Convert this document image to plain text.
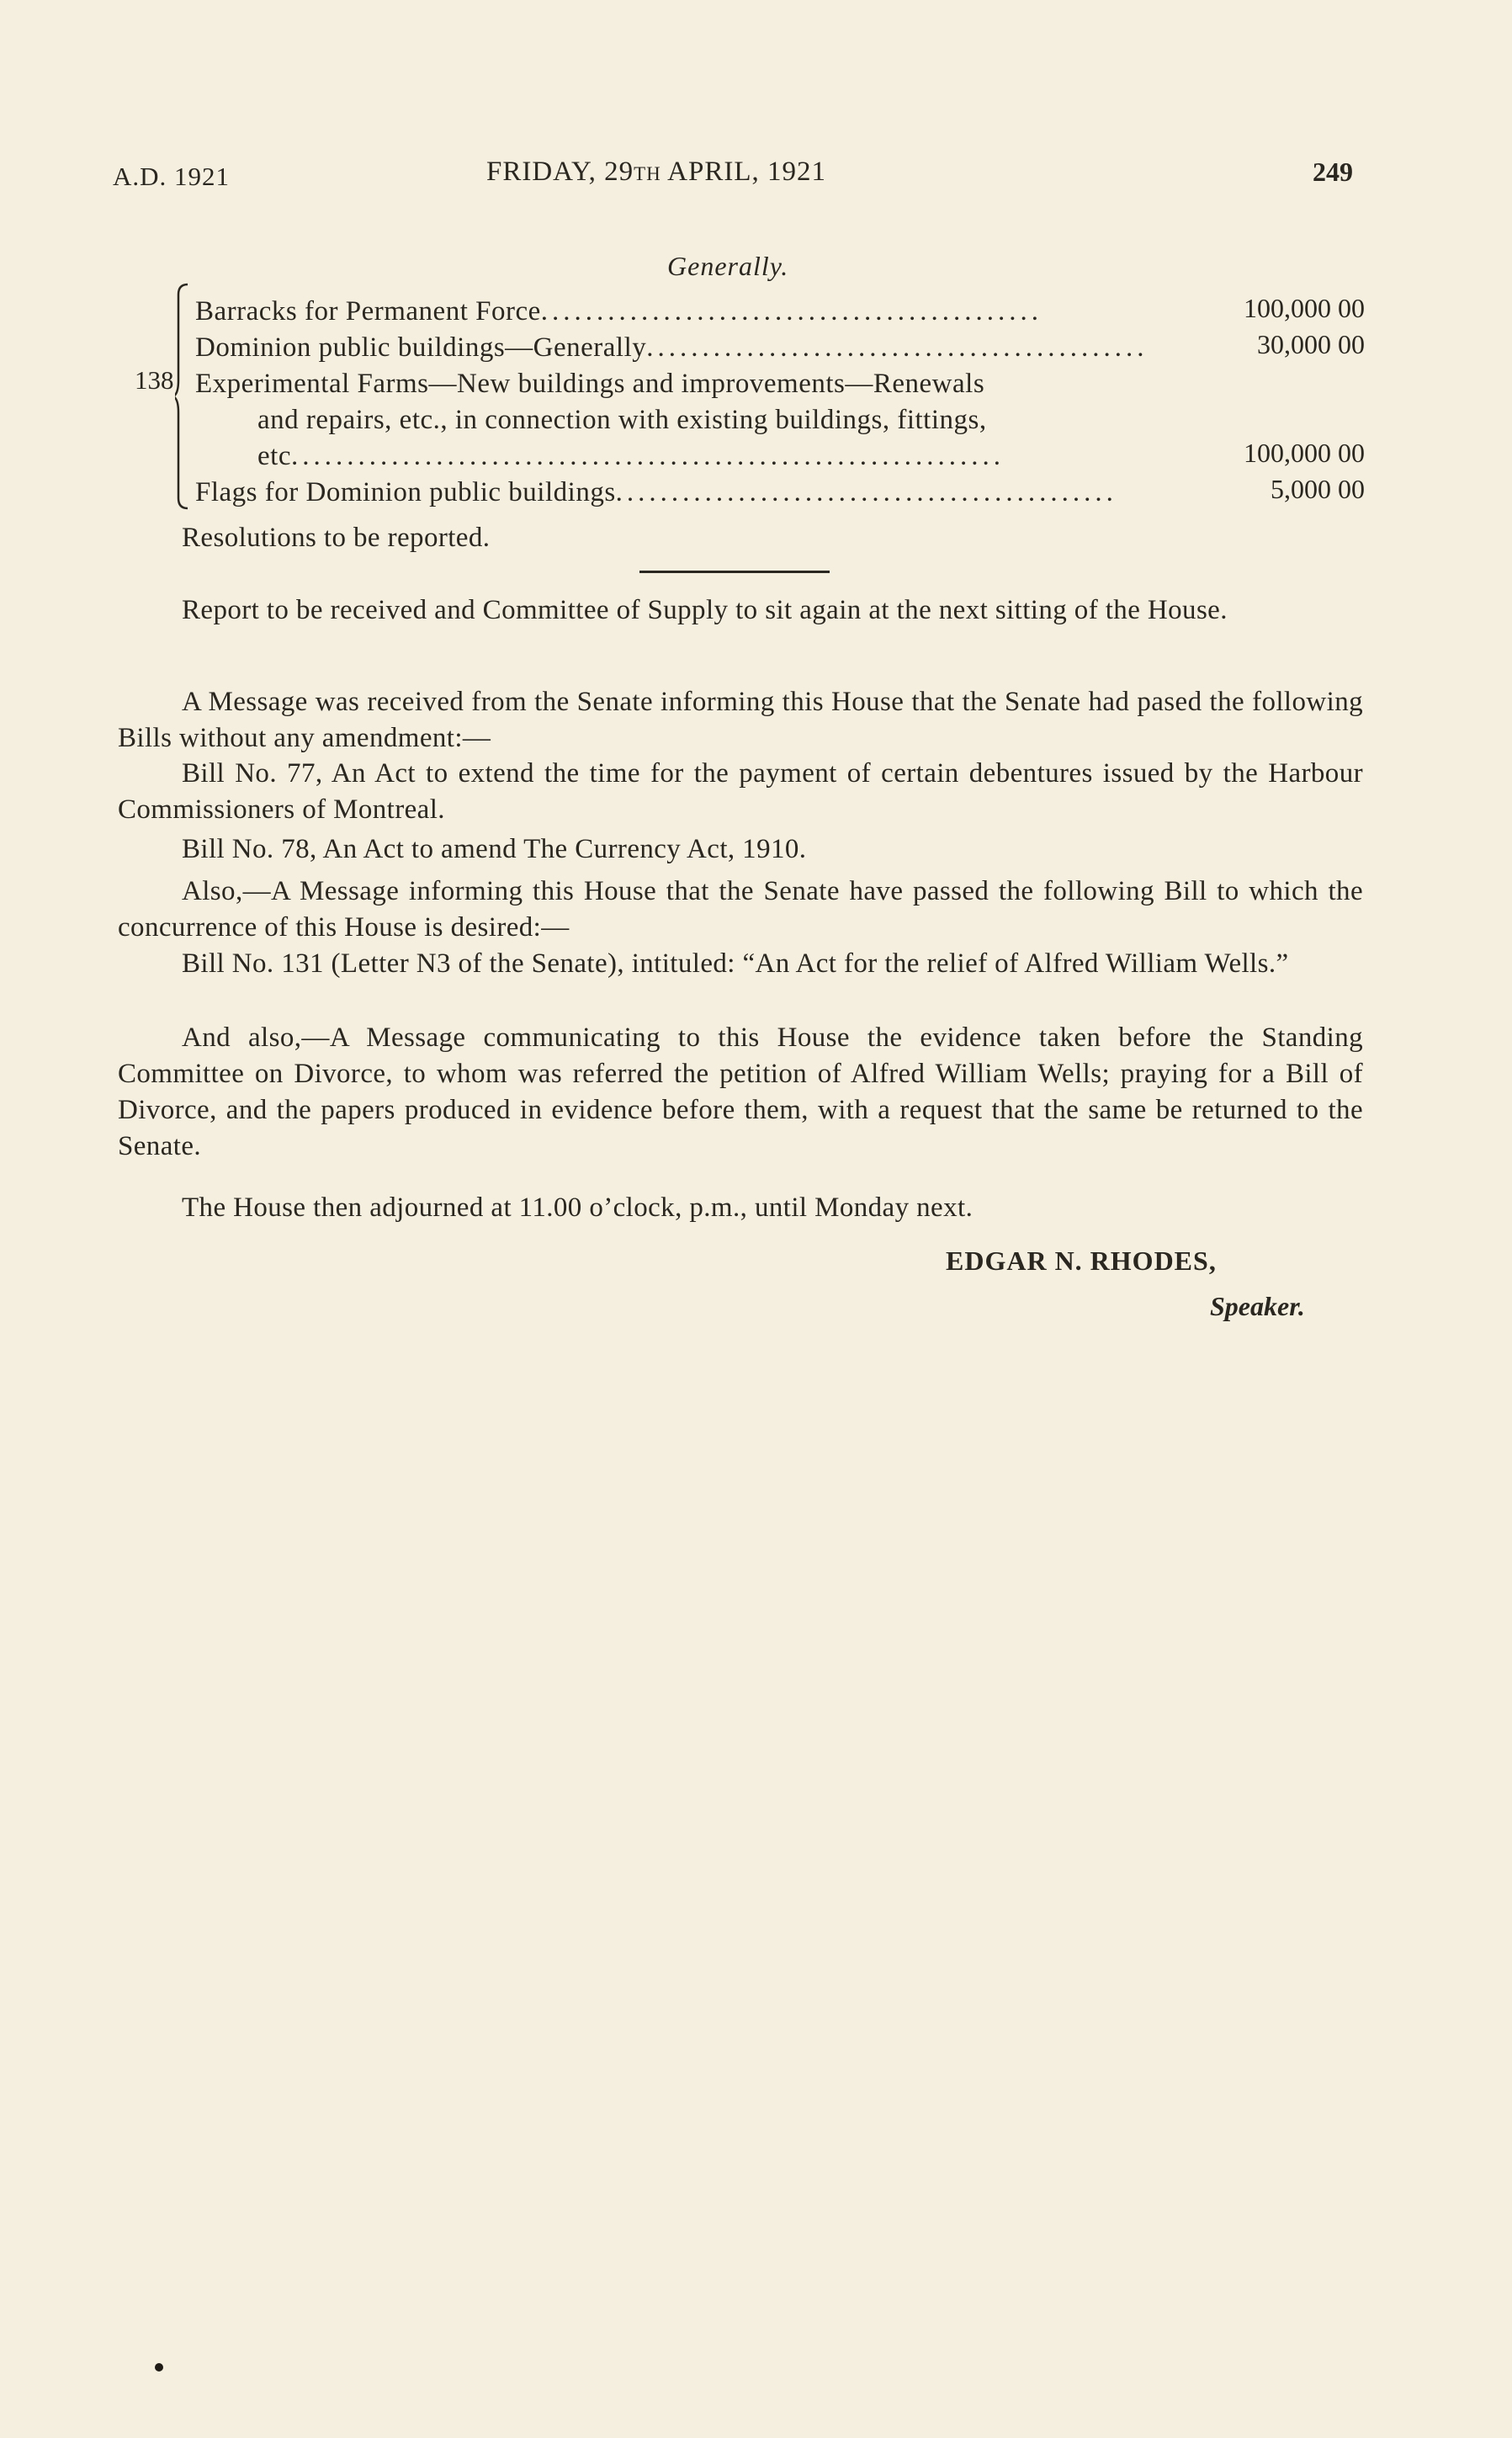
A.D. 1921	FRIDAY, 29TH APRIL, 1921	249
Generally.
138
Barracks for Permanent Force.............................................	100,000 00
Dominion public buildings—Generally.............................................	30,000 00
Experimental Farms—New buildings and improvements—Renewals
and repairs, etc., in connection with existing buildings, fittings,
etc................................................................	100,000 00
Flags for Dominion public buildings.............................................	5,000 00
Resolutions to be reported.
Report to be received and Committee of Supply to sit again at the next sitting of the House.
A Message was received from the Senate informing this House that the Senate had pased the following Bills without any amendment:—
Bill No. 77, An Act to extend the time for the payment of certain debentures issued by the Harbour Commissioners of Montreal.
Bill No. 78, An Act to amend The Currency Act, 1910.
Also,—A Message informing this House that the Senate have passed the following Bill to which the concurrence of this House is desired:—
Bill No. 131 (Letter N3 of the Senate), intituled: “An Act for the relief of Alfred William Wells.”
And also,—A Message communicating to this House the evidence taken before the Standing Committee on Divorce, to whom was referred the petition of Alfred William Wells; praying for a Bill of Divorce, and the papers produced in evidence before them, with a request that the same be returned to the Senate.
The House then adjourned at 11.00 o’clock, p.m., until Monday next.
EDGAR N. RHODES,
Speaker.
